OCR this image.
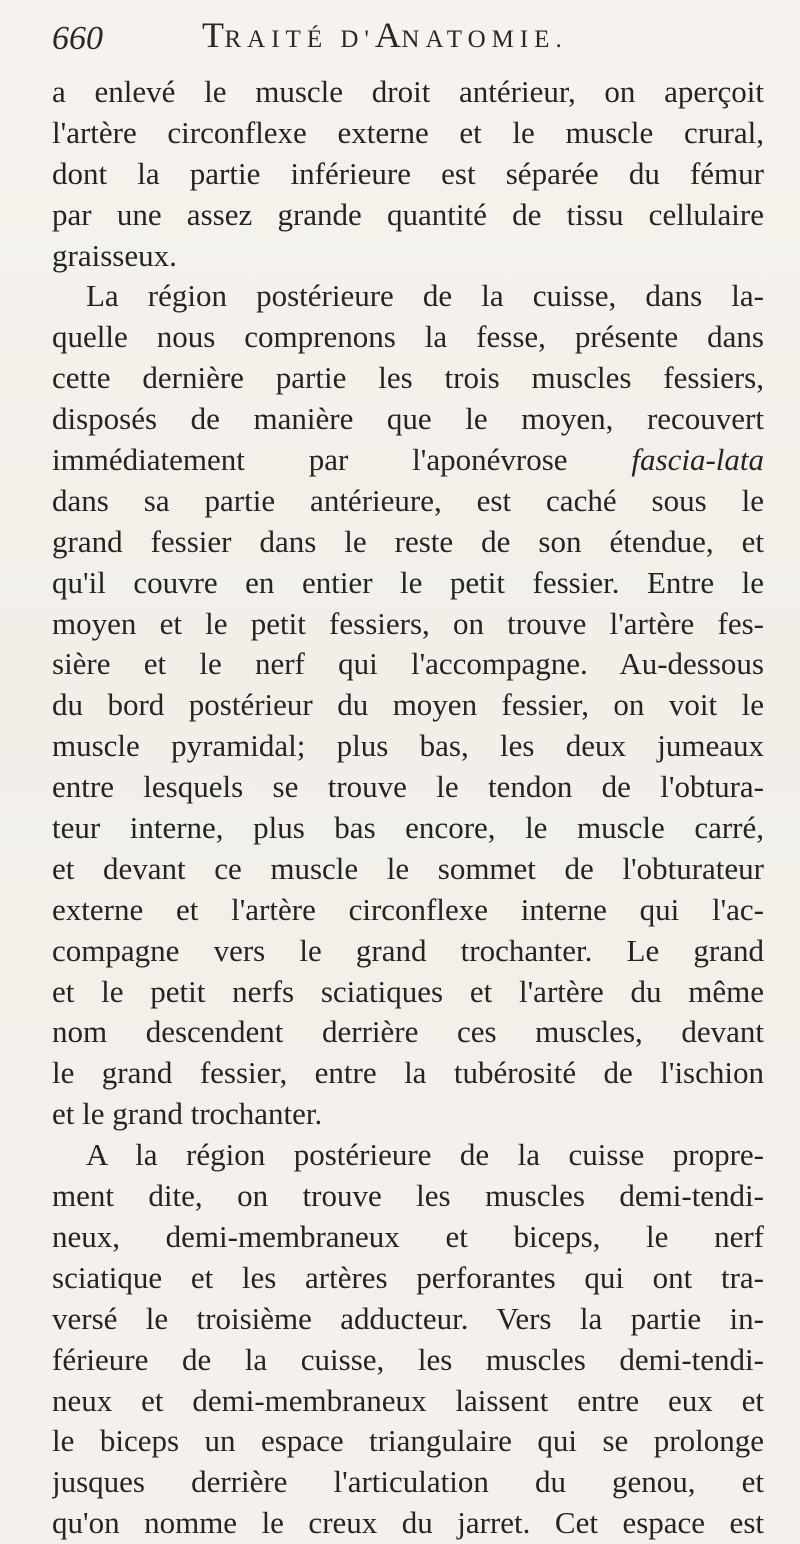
660	TRAITÉ D'ANATOMIE.
a enlevé le muscle droit antérieur, on aperçoit
l'artère circonflexe externe et le muscle crural,
dont la partie inférieure est séparée du fémur
par une assez grande quantité de tissu cellulaire
graisseux.
La région postérieure de la cuisse, dans la-
quelle nous comprenons la fesse, présente dans
cette dernière partie les trois muscles fessiers,
disposés de manière que le moyen, recouvert
immédiatement par l'aponévrose fascia-lata
dans sa partie antérieure, est caché sous le
grand fessier dans le reste de son étendue, et
qu'il couvre en entier le petit fessier. Entre le
moyen et le petit fessiers, on trouve l'artère fes-
sière et le nerf qui l'accompagne. Au-dessous
du bord postérieur du moyen fessier, on voit le
muscle pyramidal; plus bas, les deux jumeaux
entre lesquels se trouve le tendon de l'obtura-
teur interne, plus bas encore, le muscle carré,
et devant ce muscle le sommet de l'obturateur
externe et l'artère circonflexe interne qui l'ac-
compagne vers le grand trochanter. Le grand
et le petit nerfs sciatiques et l'artère du même
nom descendent derrière ces muscles, devant
le grand fessier, entre la tubérosité de l'ischion
et le grand trochanter.
A la région postérieure de la cuisse propre-
ment dite, on trouve les muscles demi-tendi-
neux, demi-membraneux et biceps, le nerf
sciatique et les artères perforantes qui ont tra-
versé le troisième adducteur. Vers la partie in-
férieure de la cuisse, les muscles demi-tendi-
neux et demi-membraneux laissent entre eux et
le biceps un espace triangulaire qui se prolonge
jusques derrière l'articulation du genou, et
qu'on nomme le creux du jarret. Cet espace est
